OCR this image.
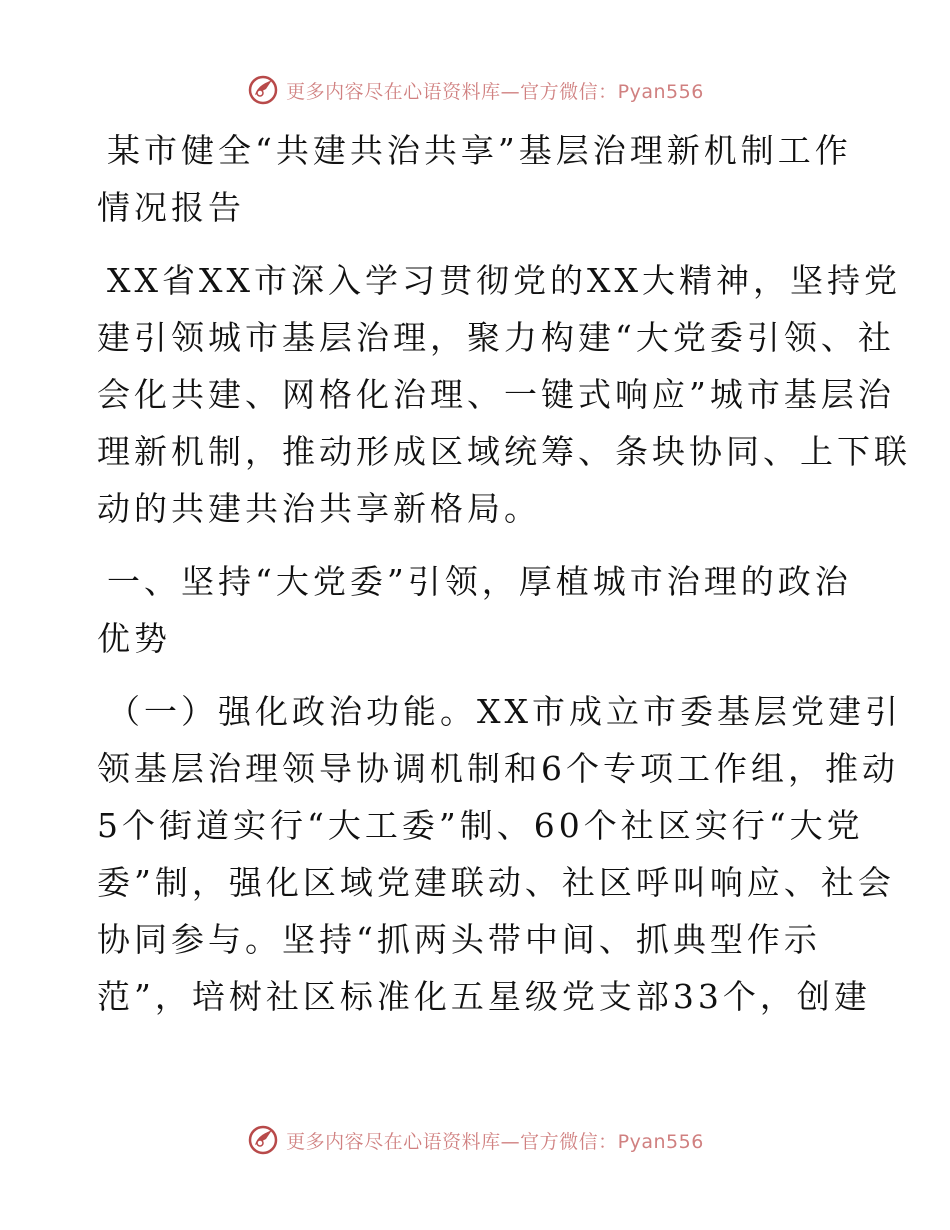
更多内容尽在心语资料库—官方微信：Pyan556
某市健全“共建共治共享”基层治理新机制工作
情况报告
XX省XX市深入学习贯彻党的XX大精神，坚持党
建引领城市基层治理，聚力构建“大党委引领、社
会化共建、网格化治理、一键式响应”城市基层治
理新机制，推动形成区域统筹、条块协同、上下联
动的共建共治共享新格局。
一、坚持“大党委”引领，厚植城市治理的政治
优势
（一）强化政治功能。XX市成立市委基层党建引
领基层治理领导协调机制和6个专项工作组，推动
5个街道实行“大工委”制、60个社区实行“大党
委”制，强化区域党建联动、社区呼叫响应、社会
协同参与。坚持“抓两头带中间、抓典型作示
范”，培树社区标准化五星级党支部33个，创建
更多内容尽在心语资料库—官方微信：Pyan556
